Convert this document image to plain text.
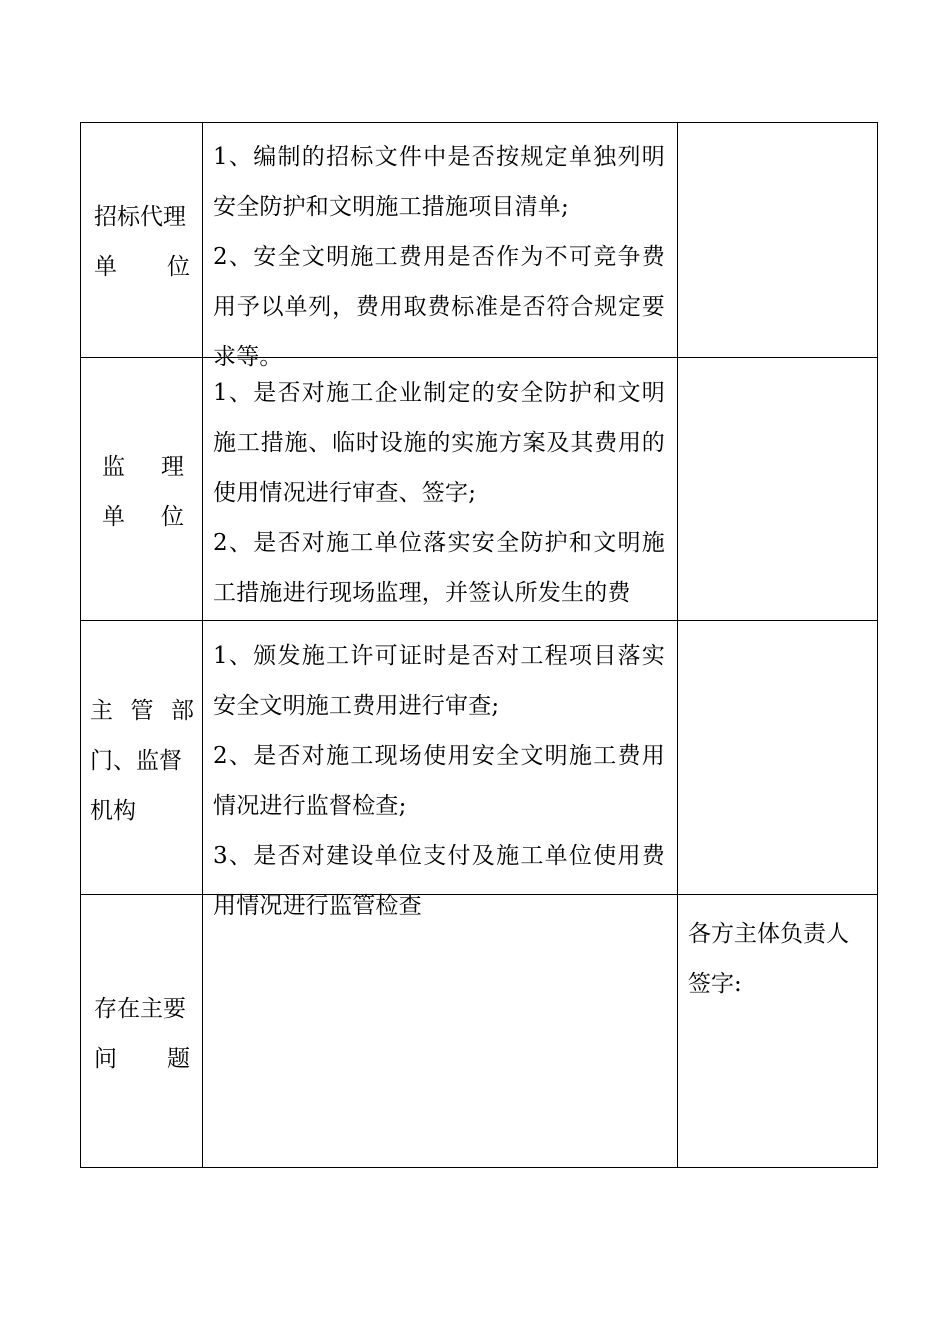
招标代理
单 位
1、编制的招标文件中是否按规定单独列明安全防护和文明施工措施项目清单;
2、安全文明施工费用是否作为不可竞争费用予以单列，费用取费标准是否符合规定要求等。
监 理
单 位
1、是否对施工企业制定的安全防护和文明施工措施、临时设施的实施方案及其费用的使用情况进行审查、签字;
2、是否对施工单位落实安全防护和文明施工措施进行现场监理，并签认所发生的费
主 管 部
门、监督
机构
1、颁发施工许可证时是否对工程项目落实安全文明施工费用进行审查;
2、是否对施工现场使用安全文明施工费用情况进行监督检查;
3、是否对建设单位支付及施工单位使用费用情况进行监管检查
存在主要
问 题
各方主体负责人
签字:
